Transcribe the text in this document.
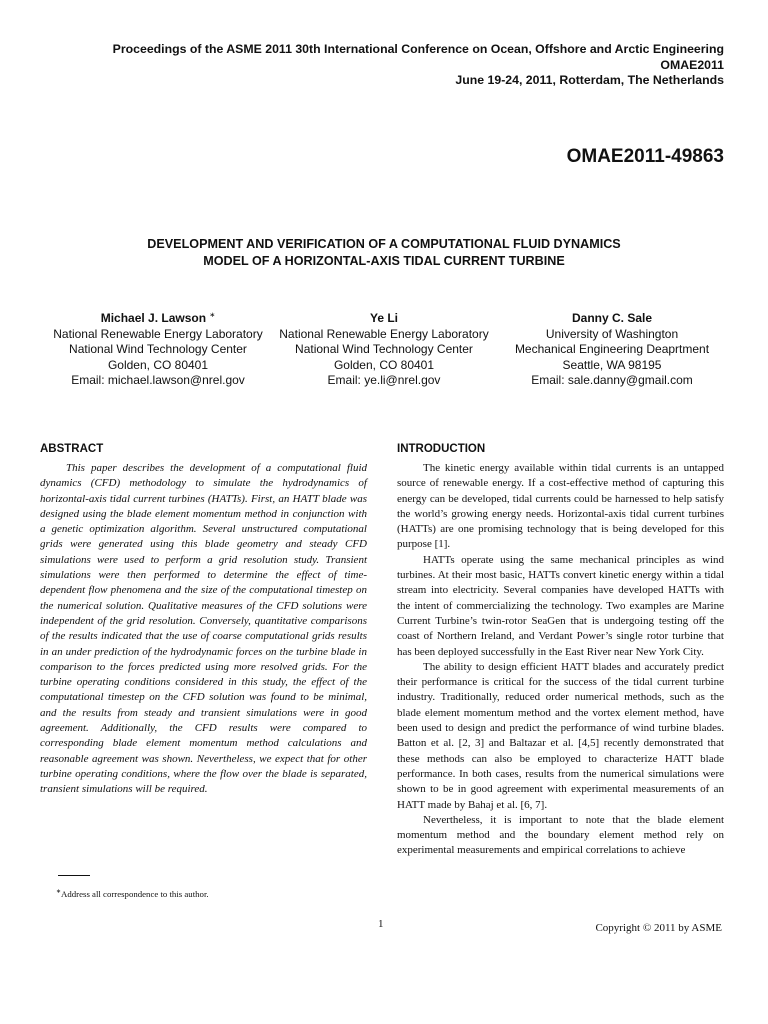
Proceedings of the ASME 2011 30th International Conference on Ocean, Offshore and Arctic Engineering
OMAE2011
June 19-24, 2011, Rotterdam, The Netherlands
OMAE2011-49863
DEVELOPMENT AND VERIFICATION OF A COMPUTATIONAL FLUID DYNAMICS
MODEL OF A HORIZONTAL-AXIS TIDAL CURRENT TURBINE
Michael J. Lawson ∗
National Renewable Energy Laboratory
National Wind Technology Center
Golden, CO 80401
Email: michael.lawson@nrel.gov
Ye Li
National Renewable Energy Laboratory
National Wind Technology Center
Golden, CO 80401
Email: ye.li@nrel.gov
Danny C. Sale
University of Washington
Mechanical Engineering Deaprtment
Seattle, WA 98195
Email: sale.danny@gmail.com
ABSTRACT

This paper describes the development of a computational fluid dynamics (CFD) methodology to simulate the hydrodynamics of horizontal-axis tidal current turbines (HATTs). First, an HATT blade was designed using the blade element momentum method in conjunction with a genetic optimization algorithm. Several unstructured computational grids were generated using this blade geometry and steady CFD simulations were used to perform a grid resolution study. Transient simulations were then performed to determine the effect of time-dependent flow phenomena and the size of the computational timestep on the numerical solution. Qualitative measures of the CFD solutions were independent of the grid resolution. Conversely, quantitative comparisons of the results indicated that the use of coarse computational grids results in an under prediction of the hydrodynamic forces on the turbine blade in comparison to the forces predicted using more resolved grids. For the turbine operating conditions considered in this study, the effect of the computational timestep on the CFD solution was found to be minimal, and the results from steady and transient simulations were in good agreement. Additionally, the CFD results were compared to corresponding blade element momentum method calculations and reasonable agreement was shown. Nevertheless, we expect that for other turbine operating conditions, where the flow over the blade is separated, transient simulations will be required.

INTRODUCTION

The kinetic energy available within tidal currents is an untapped source of renewable energy. If a cost-effective method of capturing this energy can be developed, tidal currents could be harnessed to help satisfy the world’s growing energy needs. Horizontal-axis tidal current turbines (HATTs) are one promising technology that is being developed for this purpose [1].

HATTs operate using the same mechanical principles as wind turbines. At their most basic, HATTs convert kinetic energy within a tidal stream into electricity. Several companies have developed HATTs with the intent of commercializing the technology. Two examples are Marine Current Turbine’s twin-rotor SeaGen that is undergoing testing off the coast of Northern Ireland, and Verdant Power’s single rotor turbine that has been deployed successfully in the East River near New York City.

The ability to design efficient HATT blades and accurately predict their performance is critical for the success of the tidal current turbine industry. Traditionally, reduced order numerical methods, such as the blade element momentum method and the vortex element method, have been used to design and predict the performance of wind turbine blades. Batton et al. [2, 3] and Baltazar et al. [4,5] recently demonstrated that these methods can also be employed to characterize HATT blade performance. In both cases, results from the numerical simulations were shown to be in good agreement with experimental measurements of an HATT made by Bahaj et al. [6, 7].

Nevertheless, it is important to note that the blade element momentum method and the boundary element method rely on experimental measurements and empirical correlations to achieve

∗Address all correspondence to this author.
1	Copyright © 2011 by ASME
